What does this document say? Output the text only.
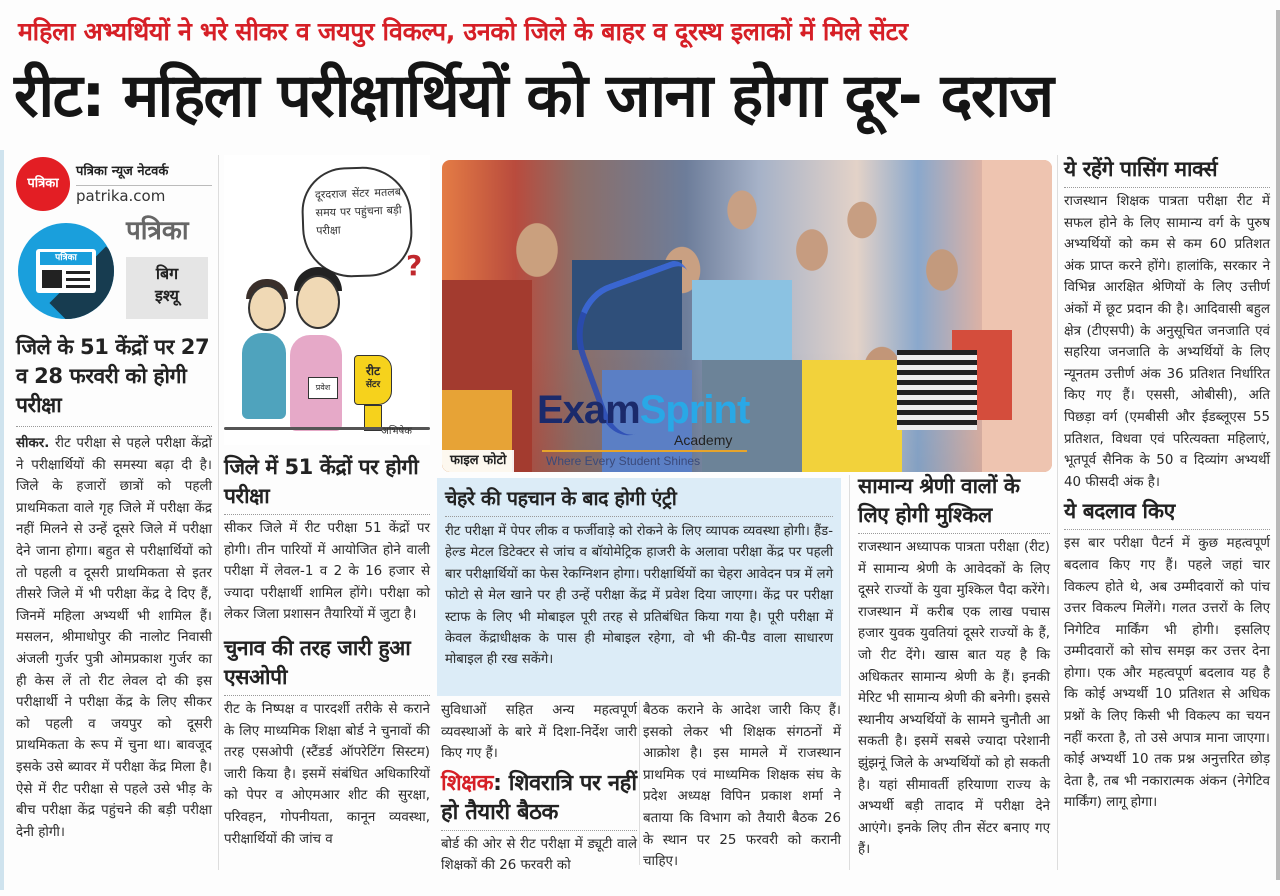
महिला अभ्यर्थियों ने भरे सीकर व जयपुर विकल्प, उनको जिले के बाहर व दूरस्थ इलाकों में मिले सेंटर
रीट: महिला परीक्षार्थियों को जाना होगा दूर- दराज
पत्रिका
पत्रिका न्यूज नेटवर्क
patrika.com
पत्रिका
पत्रिका
बिग
इश्यू
जिले के 51 केंद्रों पर 27 व 28 फरवरी को होगी परीक्षा

सीकर. रीट परीक्षा से पहले परीक्षा केंद्रों ने परीक्षार्थियों की समस्या बढ़ा दी है। जिले के हजारों छात्रों को पहली प्राथमिकता वाले गृह जिले में परीक्षा केंद्र नहीं मिलने से उन्हें दूसरे जिले में परीक्षा देने जाना होगा। बहुत से परीक्षार्थियों को तो पहली व दूसरी प्राथमिकता से इतर तीसरे जिले में भी परीक्षा केंद्र दे दिए हैं, जिनमें महिला अभ्यर्थी भी शामिल हैं। मसलन, श्रीमाधोपुर की नालोट निवासी अंजली गुर्जर पुत्री ओमप्रकाश गुर्जर का ही केस लें तो रीट लेवल दो की इस परीक्षार्थी ने परीक्षा केंद्र के लिए सीकर को पहली व जयपुर को दूसरी प्राथमिकता के रूप में चुना था। बावजूद इसके उसे ब्यावर में परीक्षा केंद्र मिला है। ऐसे में रीट परीक्षा से पहले उसे भीड़ के बीच परीक्षा केंद्र पहुंचने की बड़ी परीक्षा देनी होगी।

दूरदराज सेंटर मतलब समय पर पहुंचना बड़ी परीक्षा
?
प्रवेश
रीट
सेंटर
अभिषेक
जिले में 51 केंद्रों पर होगी परीक्षा

सीकर जिले में रीट परीक्षा 51 केंद्रों पर होगी। तीन पारियों में आयोजित होने वाली परीक्षा में लेवल-1 व 2 के 16 हजार से ज्यादा परीक्षार्थी शामिल होंगे। परीक्षा को लेकर जिला प्रशासन तैयारियों में जुटा है।

चुनाव की तरह जारी हुआ एसओपी

रीट के निष्पक्ष व पारदर्शी तरीके से कराने के लिए माध्यमिक शिक्षा बोर्ड ने चुनावों की तरह एसओपी (स्टैंडर्ड ऑपरेटिंग सिस्टम) जारी किया है। इसमें संबंधित अधिकारियों को पेपर व ओएमआर शीट की सुरक्षा, परिवहन, गोपनीयता, कानून व्यवस्था, परीक्षार्थियों की जांच व

ExamSprint
Academy
Where Every Student Shines
फाइल फोटो
चेहरे की पहचान के बाद होगी एंट्री

रीट परीक्षा में पेपर लीक व फर्जीवाड़े को रोकने के लिए व्यापक व्यवस्था होगी। हैंड-हेल्ड मेटल डिटेक्टर से जांच व बॉयोमेट्रिक हाजरी के अलावा परीक्षा केंद्र पर पहली बार परीक्षार्थियों का फेस रेकग्निशन होगा। परीक्षार्थियों का चेहरा आवेदन पत्र में लगे फोटो से मेल खाने पर ही उन्हें परीक्षा केंद्र में प्रवेश दिया जाएगा। केंद्र पर परीक्षा स्टाफ के लिए भी मोबाइल पूरी तरह से प्रतिबंधित किया गया है। पूरी परीक्षा में केवल केंद्राधीक्षक के पास ही मोबाइल रहेगा, वो भी की-पैड वाला साधारण मोबाइल ही रख सकेंगे।

सुविधाओं सहित अन्य महत्वपूर्ण व्यवस्थाओं के बारे में दिशा-निर्देश जारी किए गए हैं।

शिक्षक: शिवरात्रि पर नहीं हो तैयारी बैठक

बोर्ड की ओर से रीट परीक्षा में ड्यूटी वाले शिक्षकों की 26 फरवरी को

बैठक कराने के आदेश जारी किए हैं। इसको लेकर भी शिक्षक संगठनों में आक्रोश है। इस मामले में राजस्थान प्राथमिक एवं माध्यमिक शिक्षक संघ के प्रदेश अध्यक्ष विपिन प्रकाश शर्मा ने बताया कि विभाग को तैयारी बैठक 26 के स्थान पर 25 फरवरी को करानी चाहिए।

सामान्य श्रेणी वालों के लिए होगी मुश्किल

राजस्थान अध्यापक पात्रता परीक्षा (रीट) में सामान्य श्रेणी के आवेदकों के लिए दूसरे राज्यों के युवा मुश्किल पैदा करेंगे। राजस्थान में करीब एक लाख पचास हजार युवक युवतियां दूसरे राज्यों के हैं, जो रीट देंगे। खास बात यह है कि अधिकतर सामान्य श्रेणी के हैं। इनकी मेरिट भी सामान्य श्रेणी की बनेगी। इससे स्थानीय अभ्यर्थियों के सामने चुनौती आ सकती है। इसमें सबसे ज्यादा परेशानी झुंझनूं जिले के अभ्यर्थियों को हो सकती है। यहां सीमावर्ती हरियाणा राज्य के अभ्यर्थी बड़ी तादाद में परीक्षा देने आएंगे। इनके लिए तीन सेंटर बनाए गए हैं।

ये रहेंगे पासिंग मार्क्स

राजस्थान शिक्षक पात्रता परीक्षा रीट में सफल होने के लिए सामान्य वर्ग के पुरुष अभ्यर्थियों को कम से कम 60 प्रतिशत अंक प्राप्त करने होंगे। हालांकि, सरकार ने विभिन्न आरक्षित श्रेणियों के लिए उत्तीर्ण अंकों में छूट प्रदान की है। आदिवासी बहुल क्षेत्र (टीएसपी) के अनुसूचित जनजाति एवं सहरिया जनजाति के अभ्यर्थियों के लिए न्यूनतम उत्तीर्ण अंक 36 प्रतिशत निर्धारित किए गए हैं। एससी, ओबीसी), अति पिछड़ा वर्ग (एमबीसी और ईडब्लूएस 55 प्रतिशत, विधवा एवं परित्यक्ता महिलाएं, भूतपूर्व सैनिक के 50 व दिव्यांग अभ्यर्थी 40 फीसदी अंक है।

ये बदलाव किए

इस बार परीक्षा पैटर्न में कुछ महत्वपूर्ण बदलाव किए गए हैं। पहले जहां चार विकल्प होते थे, अब उम्मीदवारों को पांच उत्तर विकल्प मिलेंगे। गलत उत्तरों के लिए निगेटिव मार्किंग भी होगी। इसलिए उम्मीदवारों को सोच समझ कर उत्तर देना होगा। एक और महत्वपूर्ण बदलाव यह है कि कोई अभ्यर्थी 10 प्रतिशत से अधिक प्रश्नों के लिए किसी भी विकल्प का चयन नहीं करता है, तो उसे अपात्र माना जाएगा। कोई अभ्यर्थी 10 तक प्रश्न अनुत्तरित छोड़ देता है, तब भी नकारात्मक अंकन (नेगेटिव मार्किंग) लागू होगा।
